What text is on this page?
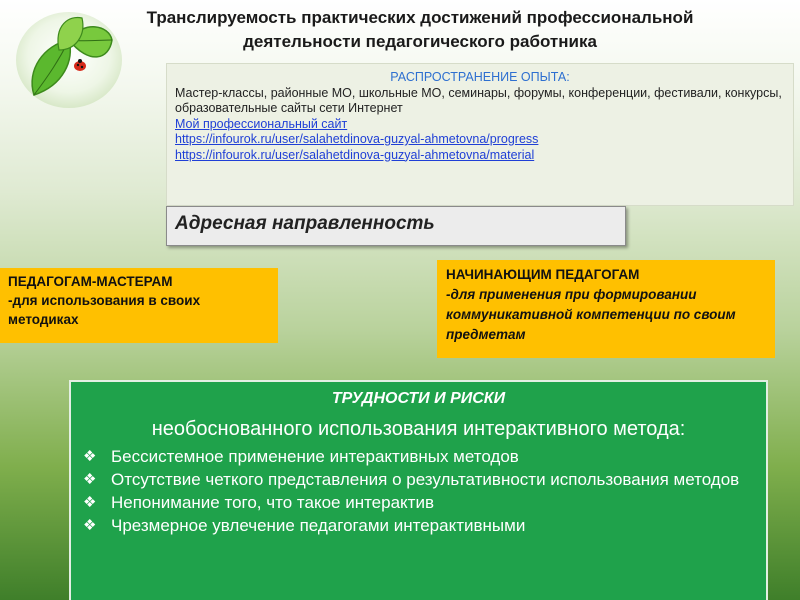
Транслируемость практических достижений профессиональной деятельности педагогического работника
РАСПРОСТРАНЕНИЕ ОПЫТА:
Мастер-классы, районные МО, школьные МО, семинары, форумы, конференции, фестивали, конкурсы, образовательные сайты сети Интернет
Мой профессиональный сайт
https://infourok.ru/user/salahetdinova-guzyal-ahmetovna/progress
https://infourok.ru/user/salahetdinova-guzyal-ahmetovna/material
Адресная направленность
ПЕДАГОГАМ-МАСТЕРАМ
-для использования в своих методиках
НАЧИНАЮЩИМ ПЕДАГОГАМ
-для применения при формировании коммуникативной компетенции по своим предметам
ТРУДНОСТИ И РИСКИ
необоснованного использования интерактивного метода:
❖ Бессистемное применение интерактивных методов
❖ Отсутствие четкого представления о результативности использования методов
❖ Непонимание того, что такое интерактив
❖ Чрезмерное увлечение педагогами интерактивными
